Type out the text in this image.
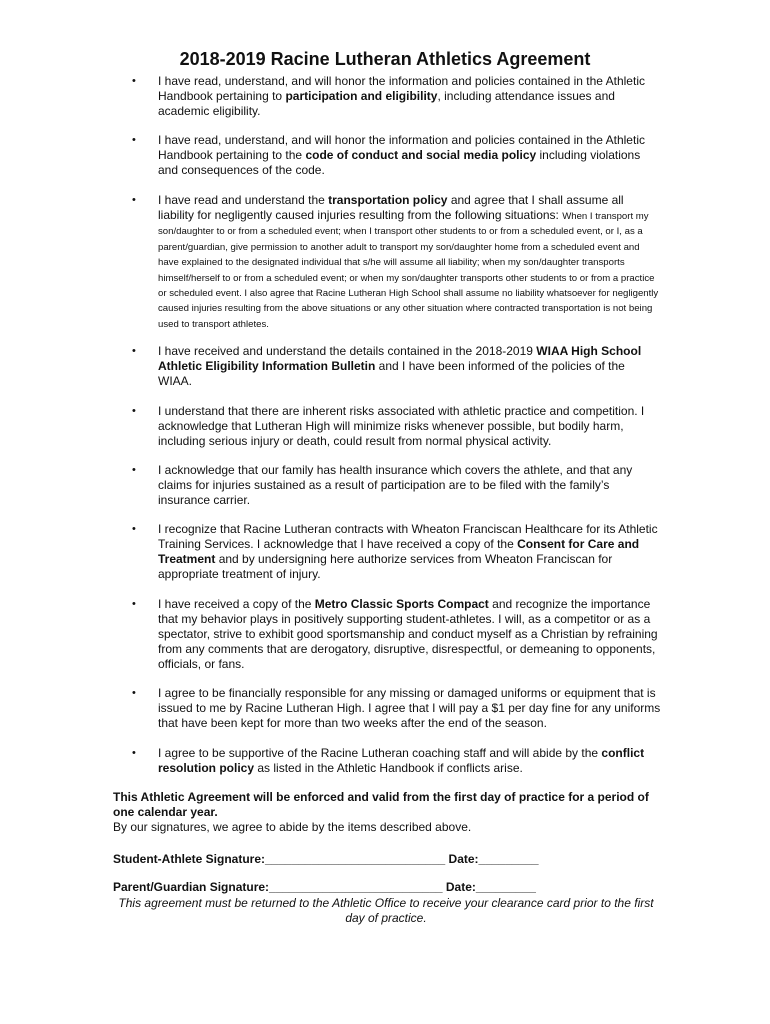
2018-2019 Racine Lutheran Athletics Agreement
• I have read, understand, and will honor the information and policies contained in the Athletic Handbook pertaining to participation and eligibility, including attendance issues and academic eligibility.
• I have read, understand, and will honor the information and policies contained in the Athletic Handbook pertaining to the code of conduct and social media policy including violations and consequences of the code.
• I have read and understand the transportation policy and agree that I shall assume all liability for negligently caused injuries resulting from the following situations: When I transport my son/daughter to or from a scheduled event; when I transport other students to or from a scheduled event, or I, as a parent/guardian, give permission to another adult to transport my son/daughter home from a scheduled event and have explained to the designated individual that s/he will assume all liability; when my son/daughter transports himself/herself to or from a scheduled event; or when my son/daughter transports other students to or from a practice or scheduled event. I also agree that Racine Lutheran High School shall assume no liability whatsoever for negligently caused injuries resulting from the above situations or any other situation where contracted transportation is not being used to transport athletes.
• I have received and understand the details contained in the 2018-2019 WIAA High School Athletic Eligibility Information Bulletin and I have been informed of the policies of the WIAA.
• I understand that there are inherent risks associated with athletic practice and competition. I acknowledge that Lutheran High will minimize risks whenever possible, but bodily harm, including serious injury or death, could result from normal physical activity.
• I acknowledge that our family has health insurance which covers the athlete, and that any claims for injuries sustained as a result of participation are to be filed with the family’s insurance carrier.
• I recognize that Racine Lutheran contracts with Wheaton Franciscan Healthcare for its Athletic Training Services. I acknowledge that I have received a copy of the Consent for Care and Treatment and by undersigning here authorize services from Wheaton Franciscan for appropriate treatment of injury.
• I have received a copy of the Metro Classic Sports Compact and recognize the importance that my behavior plays in positively supporting student-athletes. I will, as a competitor or as a spectator, strive to exhibit good sportsmanship and conduct myself as a Christian by refraining from any comments that are derogatory, disruptive, disrespectful, or demeaning to opponents, officials, or fans.
• I agree to be financially responsible for any missing or damaged uniforms or equipment that is issued to me by Racine Lutheran High. I agree that I will pay a $1 per day fine for any uniforms that have been kept for more than two weeks after the end of the season.
• I agree to be supportive of the Racine Lutheran coaching staff and will abide by the conflict resolution policy as listed in the Athletic Handbook if conflicts arise.
This Athletic Agreement will be enforced and valid from the first day of practice for a period of one calendar year.
By our signatures, we agree to abide by the items described above.
Student-Athlete Signature:___________________________ Date:_________
Parent/Guardian Signature:__________________________ Date:_________
This agreement must be returned to the Athletic Office to receive your clearance card prior to the first day of practice.
